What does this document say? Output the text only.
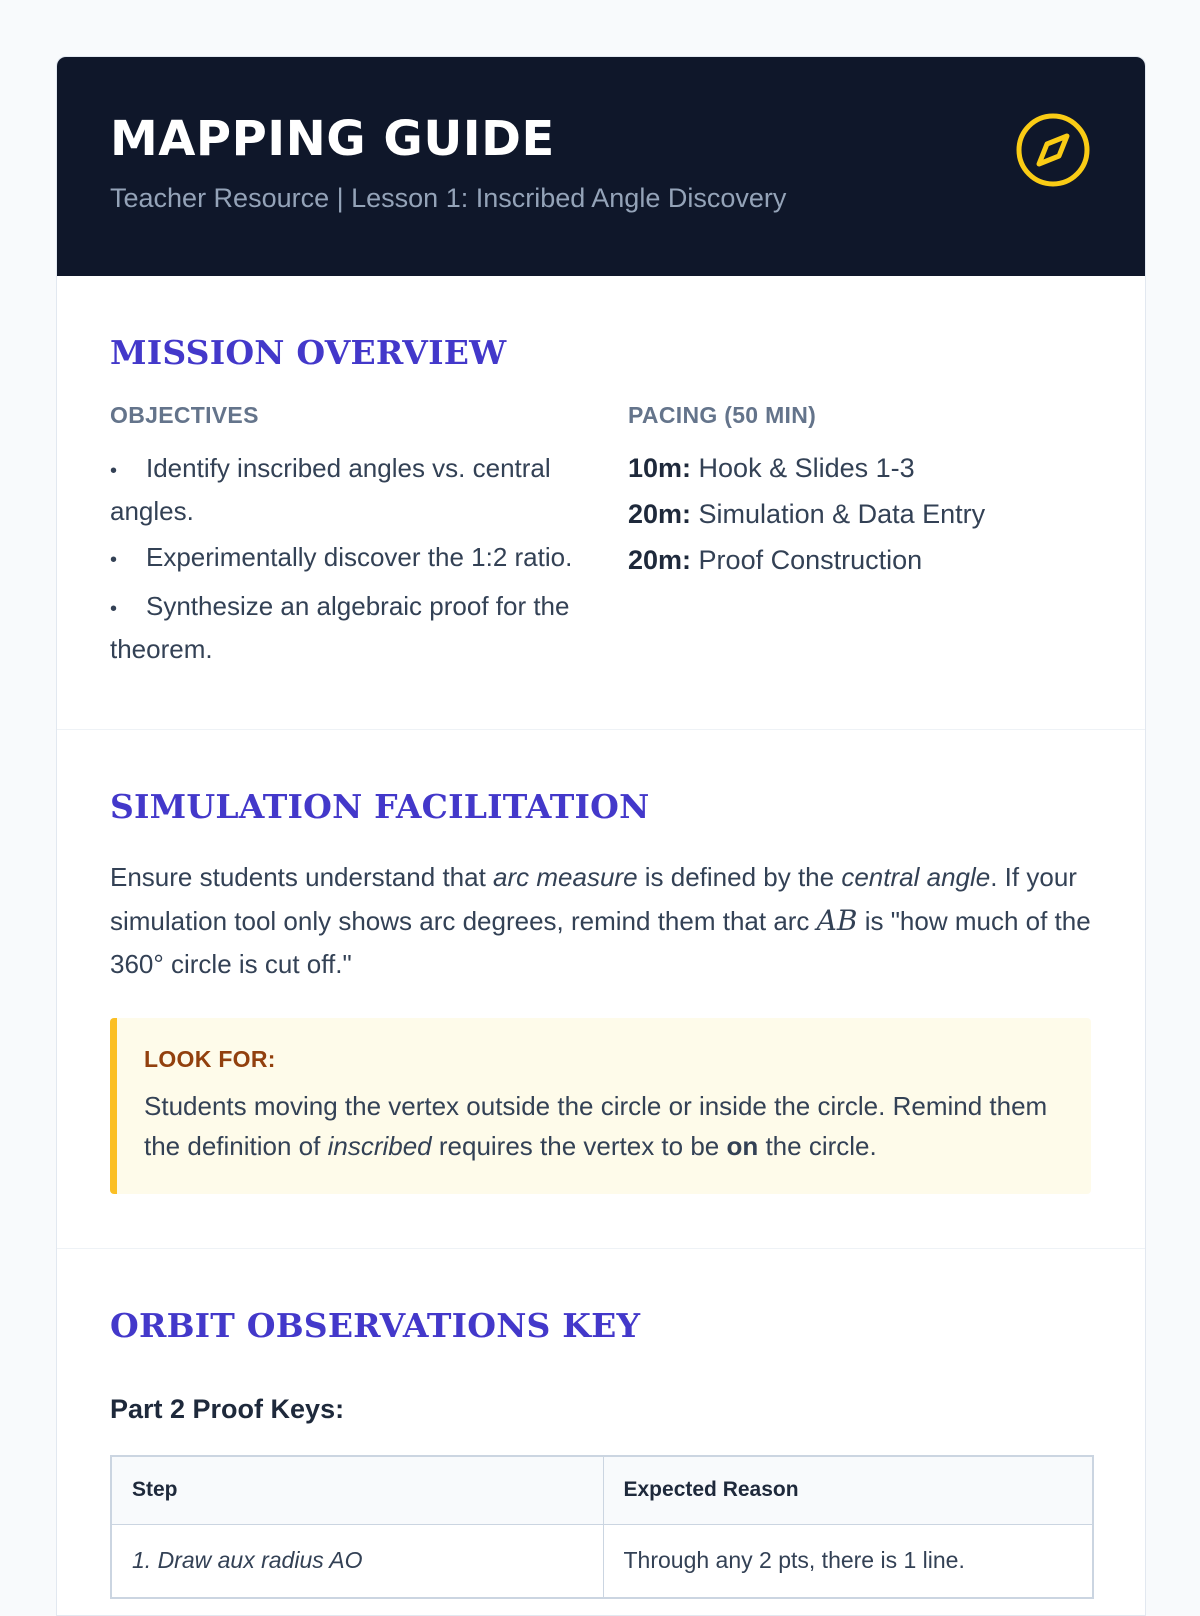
MAPPING GUIDE
Teacher Resource | Lesson 1: Inscribed Angle Discovery
MISSION OVERVIEW
OBJECTIVES
• Identify inscribed angles vs. central angles.
• Experimentally discover the 1:2 ratio.
• Synthesize an algebraic proof for the theorem.
PACING (50 MIN)
10m: Hook & Slides 1-3
20m: Simulation & Data Entry
20m: Proof Construction
SIMULATION FACILITATION

Ensure students understand that arc measure is defined by the central angle. If your simulation tool only shows arc degrees, remind them that arc AB is "how much of the 360° circle is cut off."

LOOK FOR:
Students moving the vertex outside the circle or inside the circle. Remind them the definition of inscribed requires the vertex to be on the circle.
ORBIT OBSERVATIONS KEY
Part 2 Proof Keys:
Step	Expected Reason
1. Draw aux radius AO	Through any 2 pts, there is 1 line.
